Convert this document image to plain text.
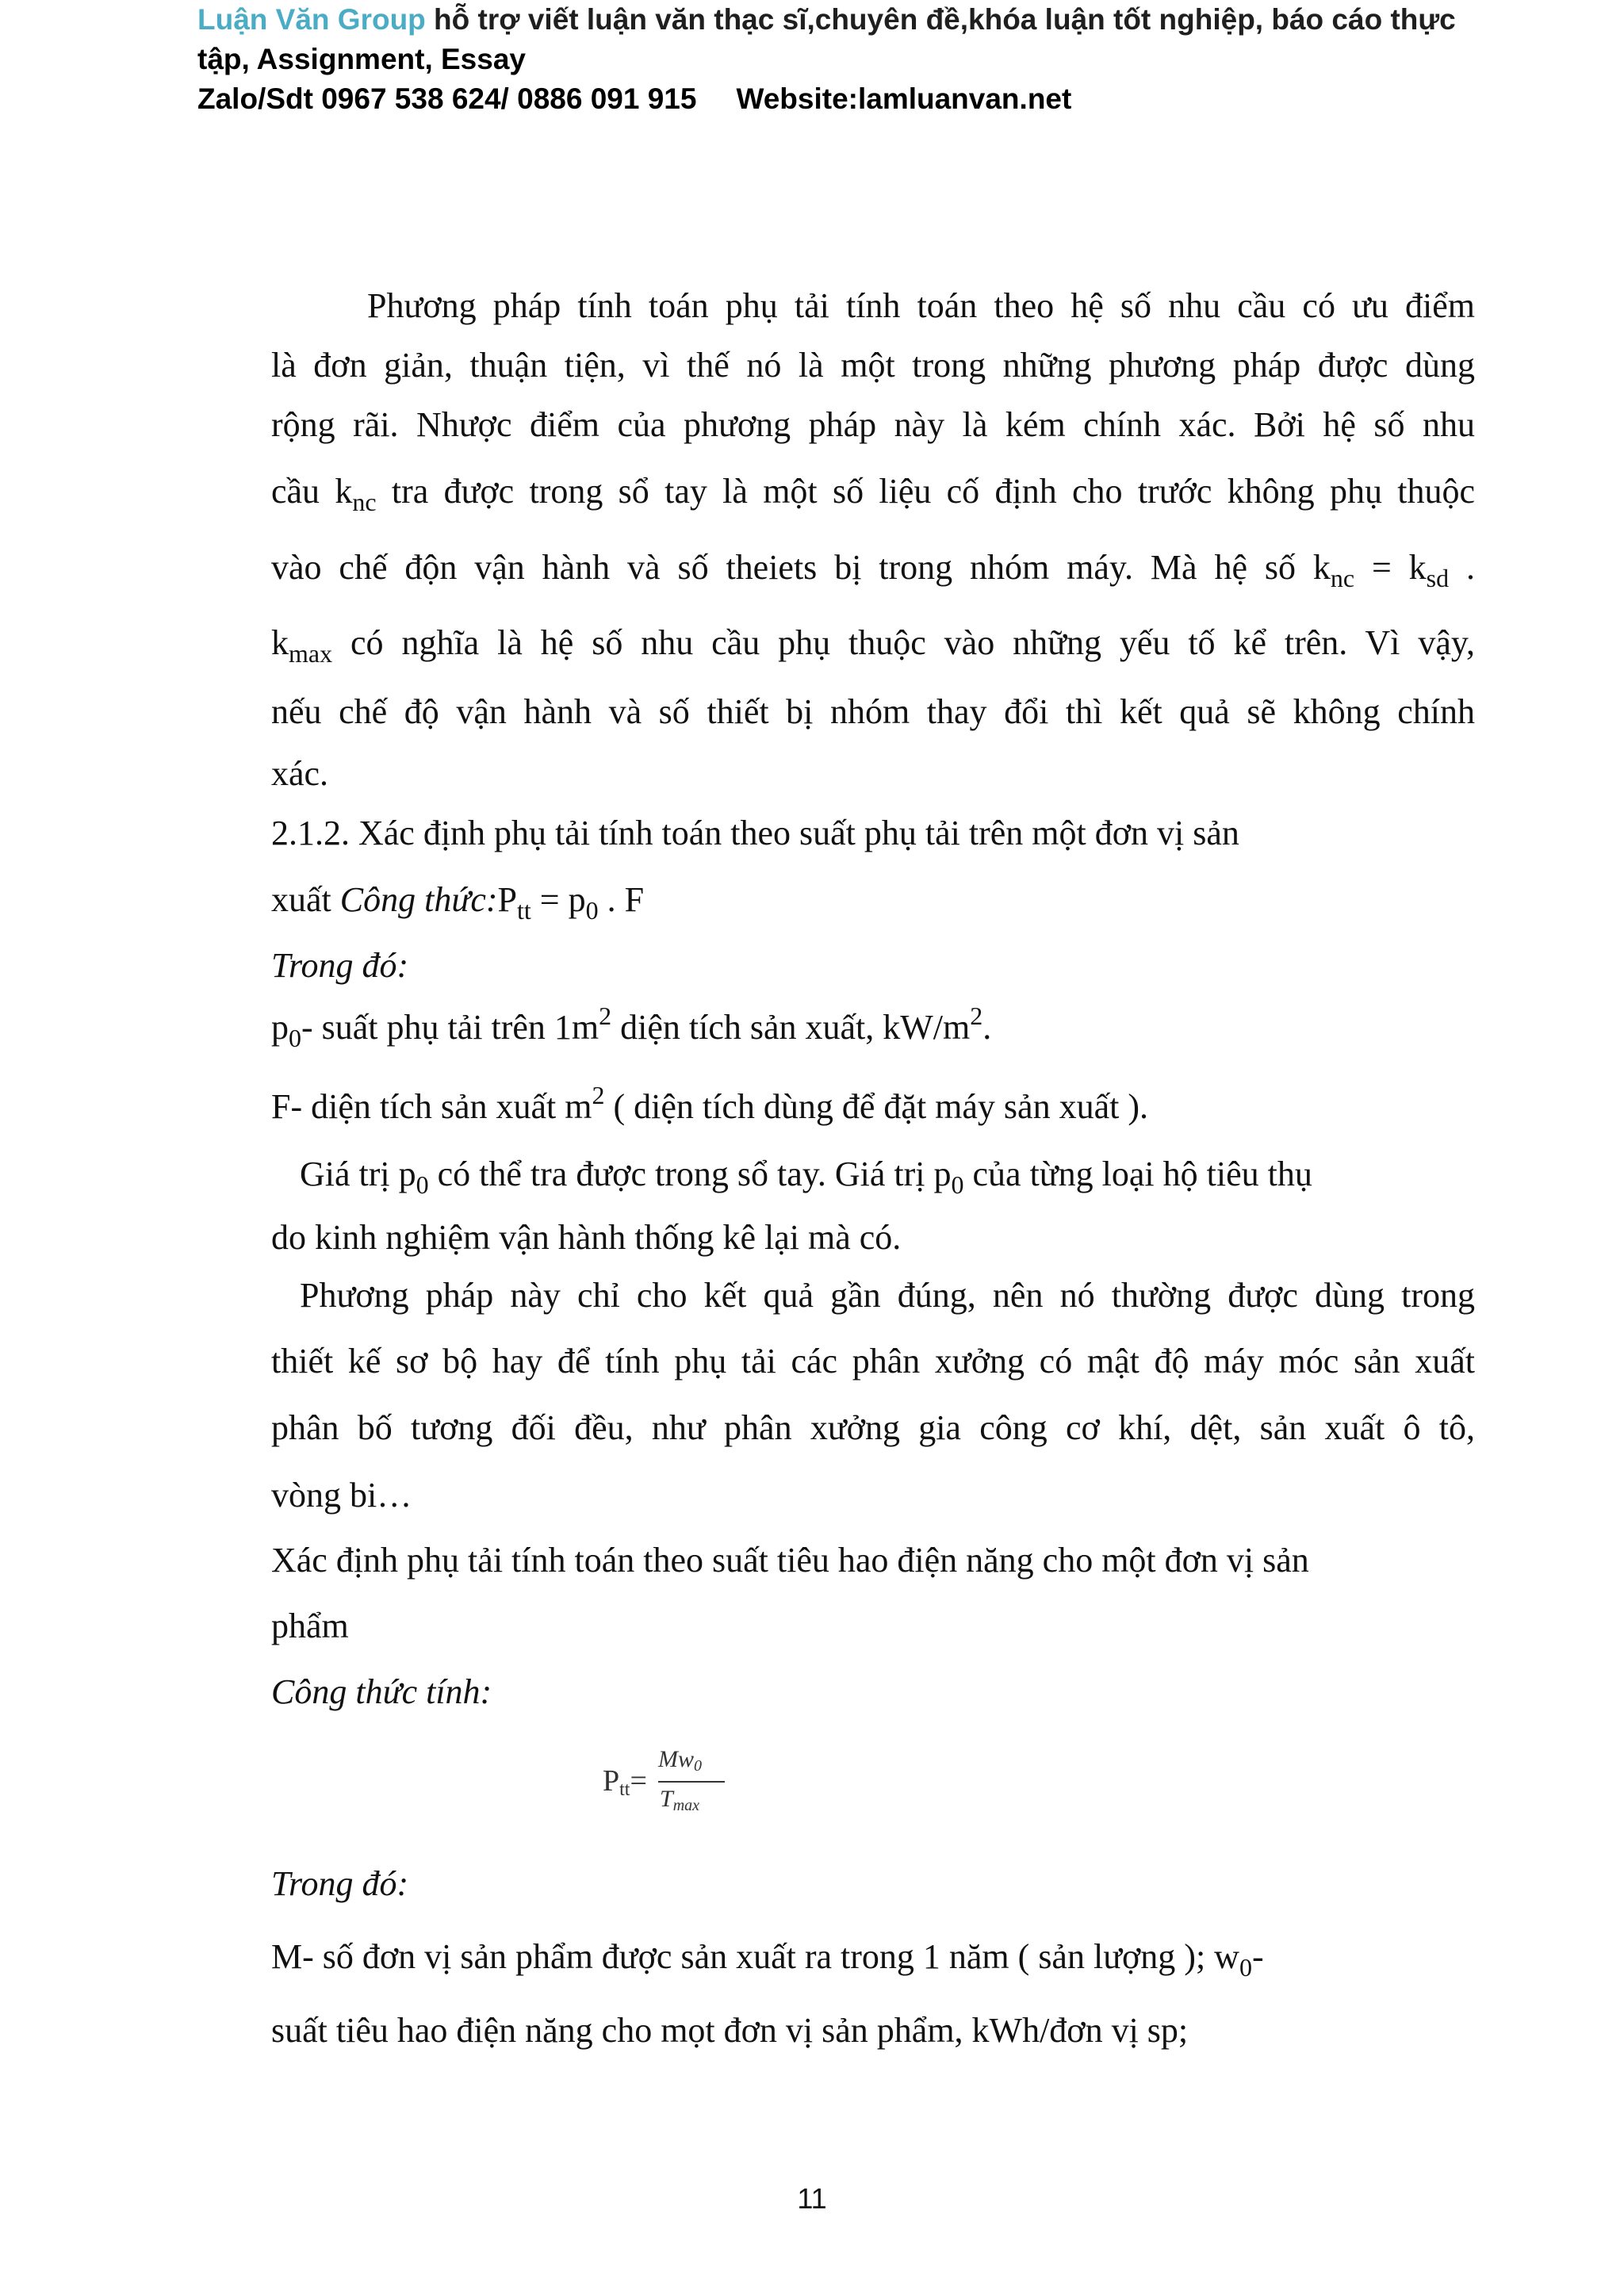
Luận Văn Group hỗ trợ viết luận văn thạc sĩ,chuyên đề,khóa luận tốt nghiệp, báo cáo thực
tập, Assignment, Essay
Zalo/Sdt 0967 538 624/ 0886 091 915 Website:lamluanvan.net
Phương pháp tính toán phụ tải tính toán theo hệ số nhu cầu có ưu điểm
là đơn giản, thuận tiện, vì thế nó là một trong những phương pháp được dùng
rộng rãi. Nhược điểm của phương pháp này là kém chính xác. Bởi hệ số nhu
cầu $k_{nc}$ tra được trong sổ tay là một số liệu cố định cho trước không phụ thuộc
vào chế độn vận hành và số theiets bị trong nhóm máy. Mà hệ số $k_{nc} = k_{sd}$ .
$k_{max}$ có nghĩa là hệ số nhu cầu phụ thuộc vào những yếu tố kể trên. Vì vậy,
nếu chế độ vận hành và số thiết bị nhóm thay đổi thì kết quả sẽ không chính
xác.
2.1.2. Xác định phụ tải tính toán theo suất phụ tải trên một đơn vị sản
xuất Công $thức:P_{tt} = p_0$ . F
Trong đó:
$p_0-$ suất phụ tải trên $1m^2$ diện tích sản xuất, $kW/m^2$.
F- diện tích sản xuất $m^2$ ( diện tích dùng để đặt máy sản xuất ).
Giá trị $p_0$ có thể tra được trong sổ tay. Giá trị $p_0$ của từng loại hộ tiêu thụ
do kinh nghiệm vận hành thống kê lại mà có.
Phương pháp này chỉ cho kết quả gần đúng, nên nó thường được dùng trong
thiết kế sơ bộ hay để tính phụ tải các phân xưởng có mật độ máy móc sản xuất
phân bố tương đối đều, như phân xưởng gia công cơ khí, dệt, sản xuất ô tô,
vòng bi…
Xác định phụ tải tính toán theo suất tiêu hao điện năng cho một đơn vị sản
phẩm
Công thức tính:
$P_{tt}=$
$Mw_0$
$T_{max}$
Trong đó:
M- số đơn vị sản phẩm được sản xuất ra trong 1 năm ( sản lượng ); $w_0-$
suất tiêu hao điện năng cho mọt đơn vị sản phẩm, kWh/đơn vị sp;
11
